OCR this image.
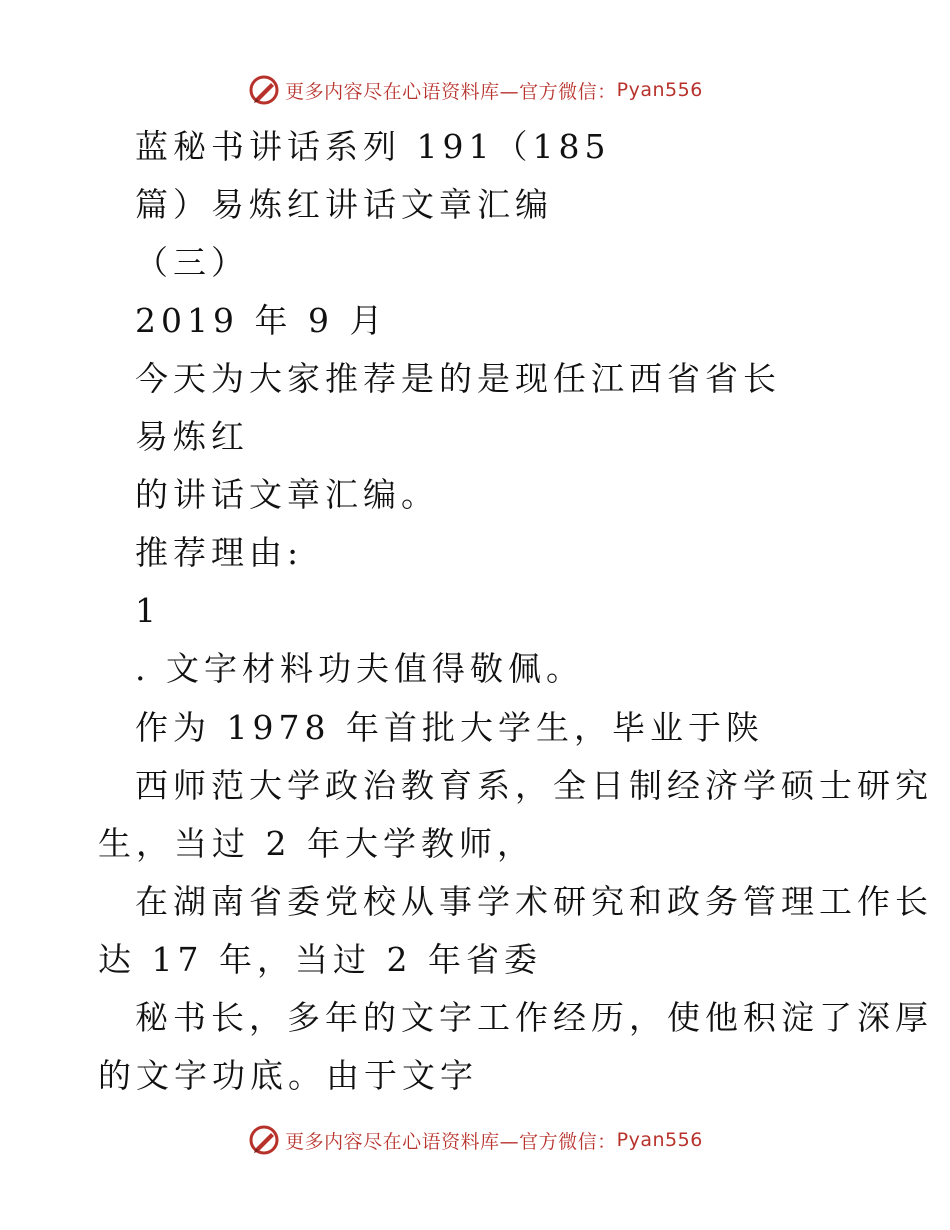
更多内容尽在心语资料库—官方微信： Pyan556
蓝秘书讲话系列 191（185
篇）易炼红讲话文章汇编
（三）
2019 年 9 月
今天为大家推荐是的是现任江西省省长
易炼红
的讲话文章汇编。
推荐理由:
1
. 文字材料功夫值得敬佩。
作为 1978 年首批大学生，毕业于陕
西师范大学政治教育系，全日制经济学硕士研究
生，当过 2 年大学教师，
在湖南省委党校从事学术研究和政务管理工作长
达 17 年，当过 2 年省委
秘书长，多年的文字工作经历，使他积淀了深厚
的文字功底。由于文字
更多内容尽在心语资料库—官方微信： Pyan556
